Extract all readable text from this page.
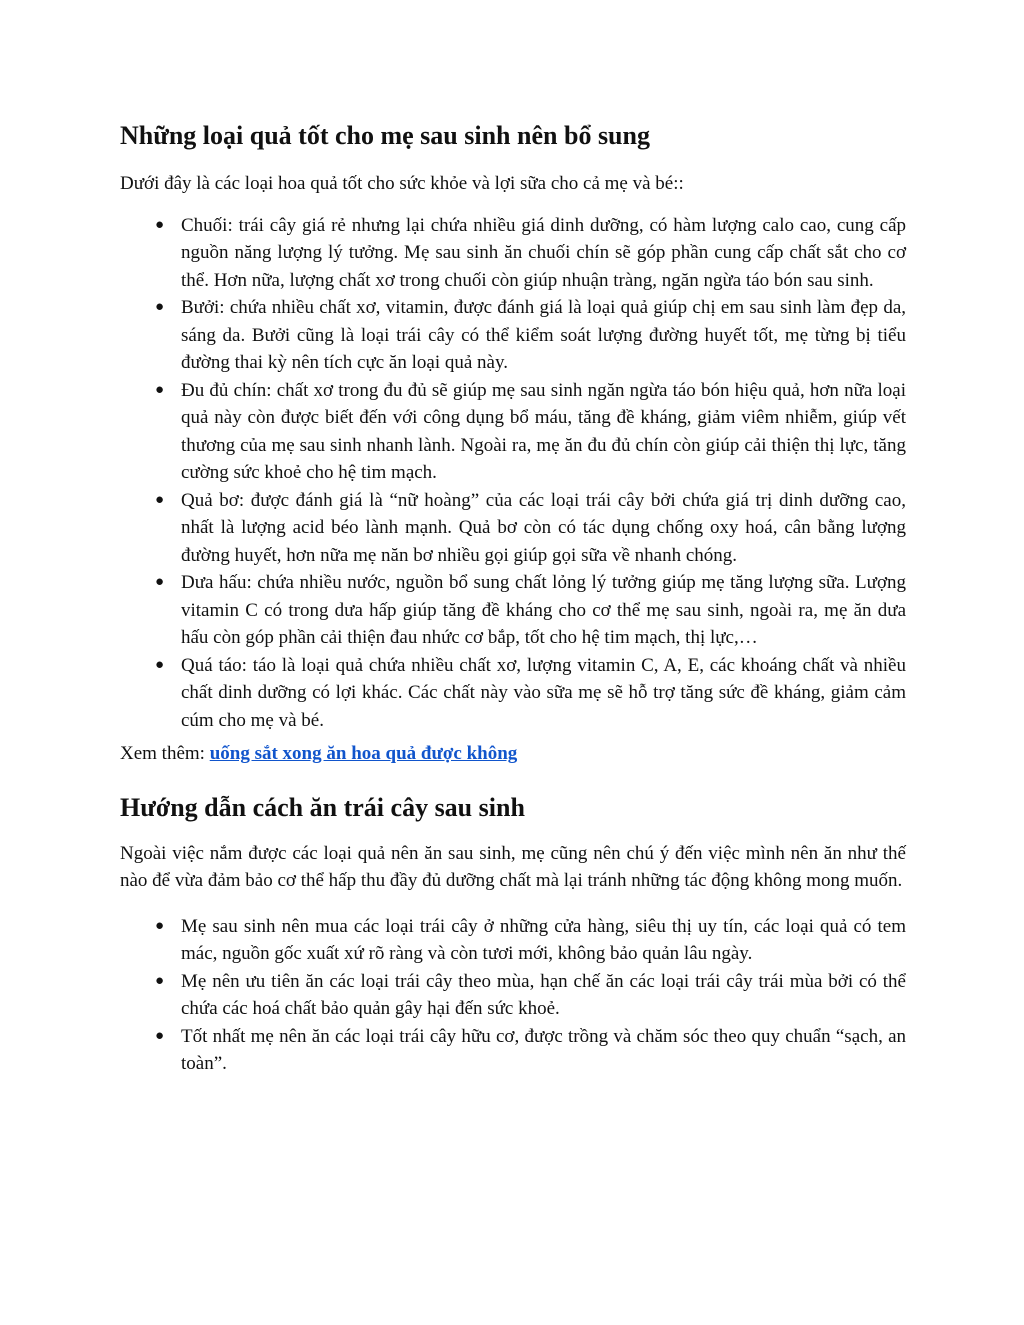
Những loại quả tốt cho mẹ sau sinh nên bổ sung

Dưới đây là các loại hoa quả tốt cho sức khỏe và lợi sữa cho cả mẹ và bé::

● Chuối: trái cây giá rẻ nhưng lại chứa nhiều giá dinh dưỡng, có hàm lượng calo cao, cung cấp nguồn năng lượng lý tưởng. Mẹ sau sinh ăn chuối chín sẽ góp phần cung cấp chất sắt cho cơ thể. Hơn nữa, lượng chất xơ trong chuối còn giúp nhuận tràng, ngăn ngừa táo bón sau sinh.
● Bưởi: chứa nhiều chất xơ, vitamin, được đánh giá là loại quả giúp chị em sau sinh làm đẹp da, sáng da. Bưởi cũng là loại trái cây có thể kiểm soát lượng đường huyết tốt, mẹ từng bị tiểu đường thai kỳ nên tích cực ăn loại quả này.
● Đu đủ chín: chất xơ trong đu đủ sẽ giúp mẹ sau sinh ngăn ngừa táo bón hiệu quả, hơn nữa loại quả này còn được biết đến với công dụng bổ máu, tăng đề kháng, giảm viêm nhiễm, giúp vết thương của mẹ sau sinh nhanh lành. Ngoài ra, mẹ ăn đu đủ chín còn giúp cải thiện thị lực, tăng cường sức khoẻ cho hệ tim mạch.
● Quả bơ: được đánh giá là “nữ hoàng” của các loại trái cây bởi chứa giá trị dinh dưỡng cao, nhất là lượng acid béo lành mạnh. Quả bơ còn có tác dụng chống oxy hoá, cân bằng lượng đường huyết, hơn nữa mẹ năn bơ nhiều gọi giúp gọi sữa về nhanh chóng.
● Dưa hấu: chứa nhiều nước, nguồn bổ sung chất lỏng lý tưởng giúp mẹ tăng lượng sữa. Lượng vitamin C có trong dưa hấp giúp tăng đề kháng cho cơ thể mẹ sau sinh, ngoài ra, mẹ ăn dưa hấu còn góp phần cải thiện đau nhức cơ bắp, tốt cho hệ tim mạch, thị lực,…
● Quá táo: táo là loại quả chứa nhiều chất xơ, lượng vitamin C, A, E, các khoáng chất và nhiều chất dinh dưỡng có lợi khác. Các chất này vào sữa mẹ sẽ hỗ trợ tăng sức đề kháng, giảm cảm cúm cho mẹ và bé.

Xem thêm: uống sắt xong ăn hoa quả được không

Hướng dẫn cách ăn trái cây sau sinh

Ngoài việc nắm được các loại quả nên ăn sau sinh, mẹ cũng nên chú ý đến việc mình nên ăn như thế nào để vừa đảm bảo cơ thể hấp thu đầy đủ dưỡng chất mà lại tránh những tác động không mong muốn.

● Mẹ sau sinh nên mua các loại trái cây ở những cửa hàng, siêu thị uy tín, các loại quả có tem mác, nguồn gốc xuất xứ rõ ràng và còn tươi mới, không bảo quản lâu ngày.
● Mẹ nên ưu tiên ăn các loại trái cây theo mùa, hạn chế ăn các loại trái cây trái mùa bởi có thể chứa các hoá chất bảo quản gây hại đến sức khoẻ.
● Tốt nhất mẹ nên ăn các loại trái cây hữu cơ, được trồng và chăm sóc theo quy chuẩn “sạch, an toàn”.
